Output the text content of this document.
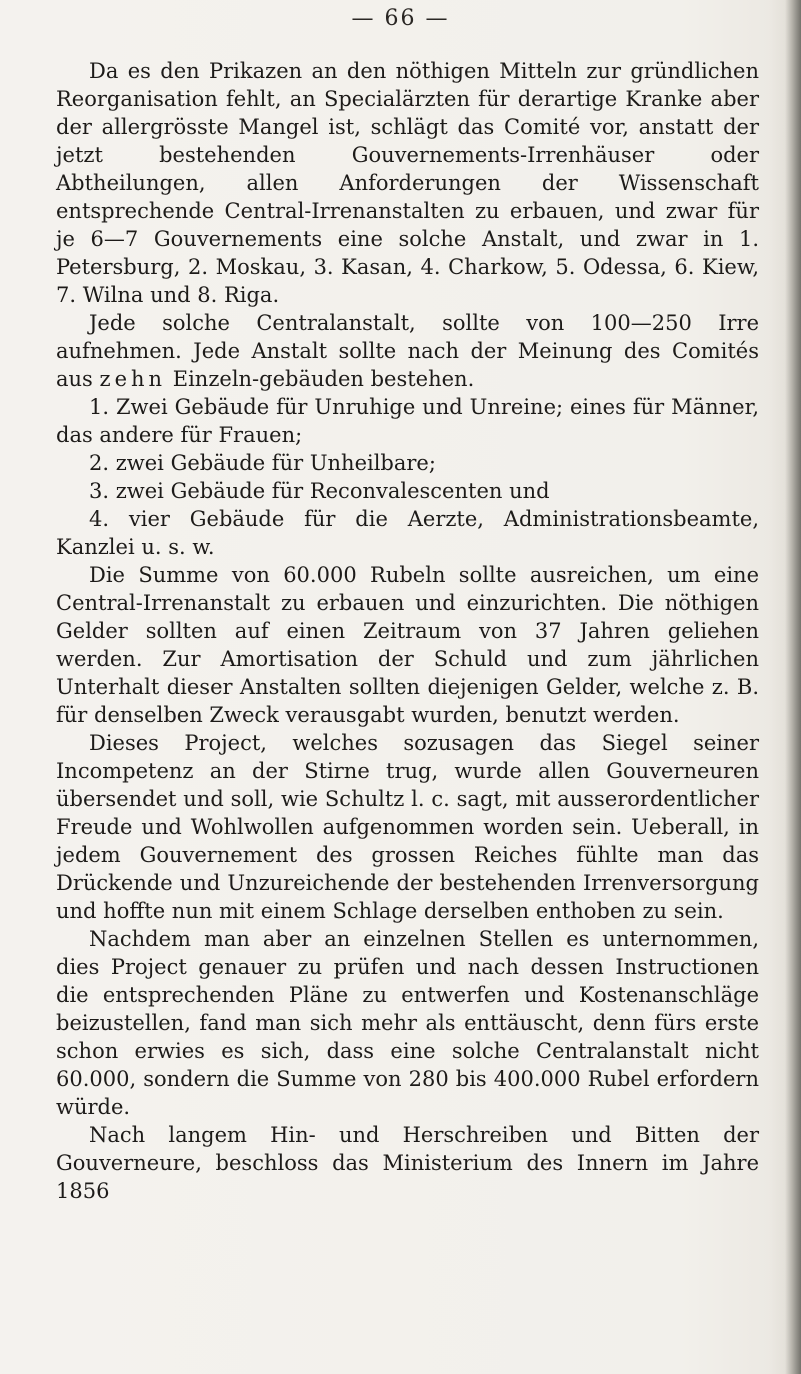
— 66 —

Da es den Prikazen an den nöthigen Mitteln zur gründlichen Reorganisation fehlt, an Specialärzten für derartige Kranke aber der allergrösste Mangel ist, schlägt das Comité vor, anstatt der jetzt bestehenden Gouvernements-Irrenhäuser oder Abtheilungen, allen Anforderungen der Wissenschaft entsprechende Central-Irrenanstalten zu erbauen, und zwar für je 6—7 Gouvernements eine solche Anstalt, und zwar in 1. Petersburg, 2. Moskau, 3. Kasan, 4. Charkow, 5. Odessa, 6. Kiew, 7. Wilna und 8. Riga.

Jede solche Centralanstalt, sollte von 100—250 Irre aufnehmen. Jede Anstalt sollte nach der Meinung des Comités aus zehn Einzeln-gebäuden bestehen.

1. Zwei Gebäude für Unruhige und Unreine; eines für Männer, das andere für Frauen;

2. zwei Gebäude für Unheilbare;

3. zwei Gebäude für Reconvalescenten und

4. vier Gebäude für die Aerzte, Administrationsbeamte, Kanzlei u. s. w.

Die Summe von 60.000 Rubeln sollte ausreichen, um eine Central-Irrenanstalt zu erbauen und einzurichten. Die nöthigen Gelder sollten auf einen Zeitraum von 37 Jahren geliehen werden. Zur Amortisation der Schuld und zum jährlichen Unterhalt dieser Anstalten sollten diejenigen Gelder, welche z. B. für denselben Zweck verausgabt wurden, benutzt werden.

Dieses Project, welches sozusagen das Siegel seiner Incompetenz an der Stirne trug, wurde allen Gouverneuren übersendet und soll, wie Schultz l. c. sagt, mit ausserordentlicher Freude und Wohlwollen aufgenommen worden sein. Ueberall, in jedem Gouvernement des grossen Reiches fühlte man das Drückende und Unzureichende der bestehenden Irrenversorgung und hoffte nun mit einem Schlage derselben enthoben zu sein.

Nachdem man aber an einzelnen Stellen es unternommen, dies Project genauer zu prüfen und nach dessen Instructionen die entsprechenden Pläne zu entwerfen und Kostenanschläge beizustellen, fand man sich mehr als enttäuscht, denn fürs erste schon erwies es sich, dass eine solche Centralanstalt nicht 60.000, sondern die Summe von 280 bis 400.000 Rubel erfordern würde.

Nach langem Hin- und Herschreiben und Bitten der Gouverneure, beschloss das Ministerium des Innern im Jahre 1856
